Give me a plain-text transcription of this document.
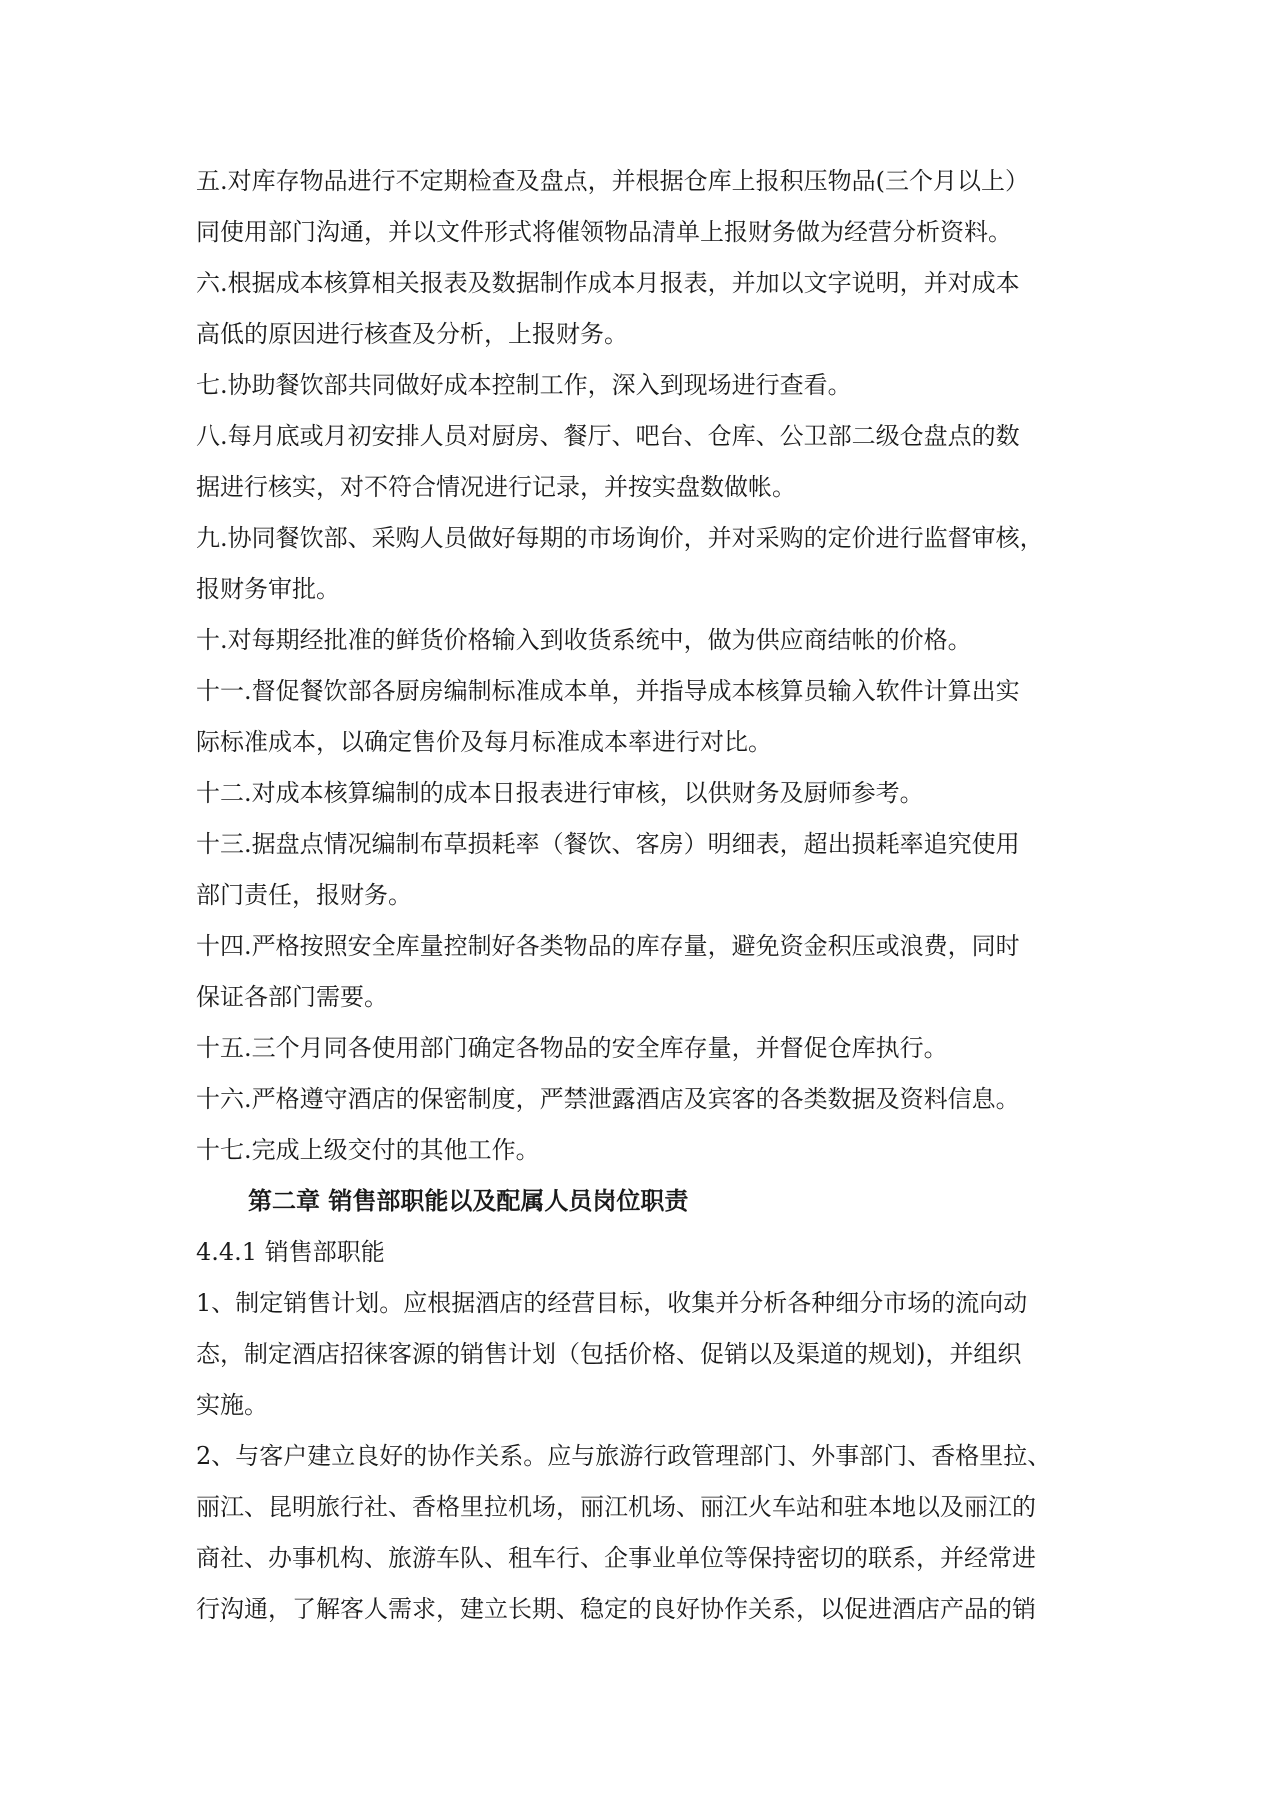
五.对库存物品进行不定期检查及盘点，并根据仓库上报积压物品(三个月以上）
同使用部门沟通，并以文件形式将催领物品清单上报财务做为经营分析资料。
六.根据成本核算相关报表及数据制作成本月报表，并加以文字说明，并对成本
高低的原因进行核查及分析，上报财务。
七.协助餐饮部共同做好成本控制工作，深入到现场进行查看。
八.每月底或月初安排人员对厨房、餐厅、吧台、仓库、公卫部二级仓盘点的数
据进行核实，对不符合情况进行记录，并按实盘数做帐。
九.协同餐饮部、采购人员做好每期的市场询价，并对采购的定价进行监督审核，
报财务审批。
十.对每期经批准的鲜货价格输入到收货系统中，做为供应商结帐的价格。
十一.督促餐饮部各厨房编制标准成本单，并指导成本核算员输入软件计算出实
际标准成本，以确定售价及每月标准成本率进行对比。
十二.对成本核算编制的成本日报表进行审核，以供财务及厨师参考。
十三.据盘点情况编制布草损耗率（餐饮、客房）明细表，超出损耗率追究使用
部门责任，报财务。
十四.严格按照安全库量控制好各类物品的库存量，避免资金积压或浪费，同时
保证各部门需要。
十五.三个月同各使用部门确定各物品的安全库存量，并督促仓库执行。
十六.严格遵守酒店的保密制度，严禁泄露酒店及宾客的各类数据及资料信息。
十七.完成上级交付的其他工作。
第二章 销售部职能以及配属人员岗位职责
4.4.1 销售部职能
1、制定销售计划。应根据酒店的经营目标，收集并分析各种细分市场的流向动
态，制定酒店招徕客源的销售计划（包括价格、促销以及渠道的规划)，并组织
实施。
2、与客户建立良好的协作关系。应与旅游行政管理部门、外事部门、香格里拉、
丽江、昆明旅行社、香格里拉机场，丽江机场、丽江火车站和驻本地以及丽江的
商社、办事机构、旅游车队、租车行、企事业单位等保持密切的联系，并经常进
行沟通，了解客人需求，建立长期、稳定的良好协作关系，以促进酒店产品的销
